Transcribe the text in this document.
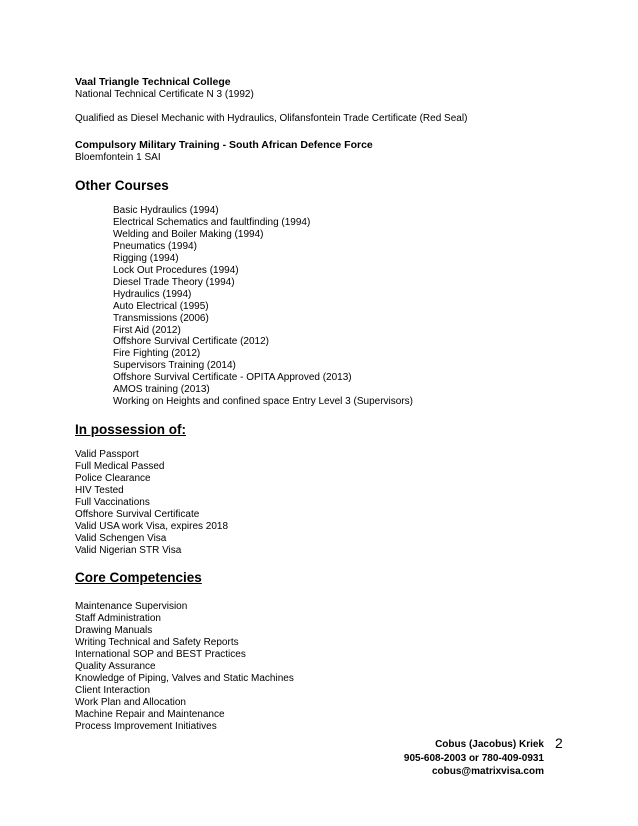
Vaal Triangle Technical College
National Technical Certificate N 3 (1992)
Qualified as Diesel Mechanic with Hydraulics, Olifansfontein Trade Certificate (Red Seal)
Compulsory Military Training - South African Defence Force
Bloemfontein 1 SAI
Other Courses
Basic Hydraulics (1994)
Electrical Schematics and faultfinding (1994)
Welding and Boiler Making (1994)
Pneumatics (1994)
Rigging (1994)
Lock Out Procedures (1994)
Diesel Trade Theory (1994)
Hydraulics (1994)
Auto Electrical (1995)
Transmissions (2006)
First Aid (2012)
Offshore Survival Certificate (2012)
Fire Fighting (2012)
Supervisors Training (2014)
Offshore Survival Certificate - OPITA Approved (2013)
AMOS training (2013)
Working on Heights and confined space Entry Level 3 (Supervisors)
In possession of:
Valid Passport
Full Medical Passed
Police Clearance
HIV Tested
Full Vaccinations
Offshore Survival Certificate
Valid USA work Visa, expires 2018
Valid Schengen Visa
Valid Nigerian STR Visa
Core Competencies
Maintenance Supervision
Staff Administration
Drawing Manuals
Writing Technical and Safety Reports
International SOP and BEST Practices
Quality Assurance
Knowledge of Piping, Valves and Static Machines
Client Interaction
Work Plan and Allocation
Machine Repair and Maintenance
Process Improvement Initiatives
Cobus (Jacobus) Kriek
905-608-2003 or 780-409-0931
cobus@matrixvisa.com
2
